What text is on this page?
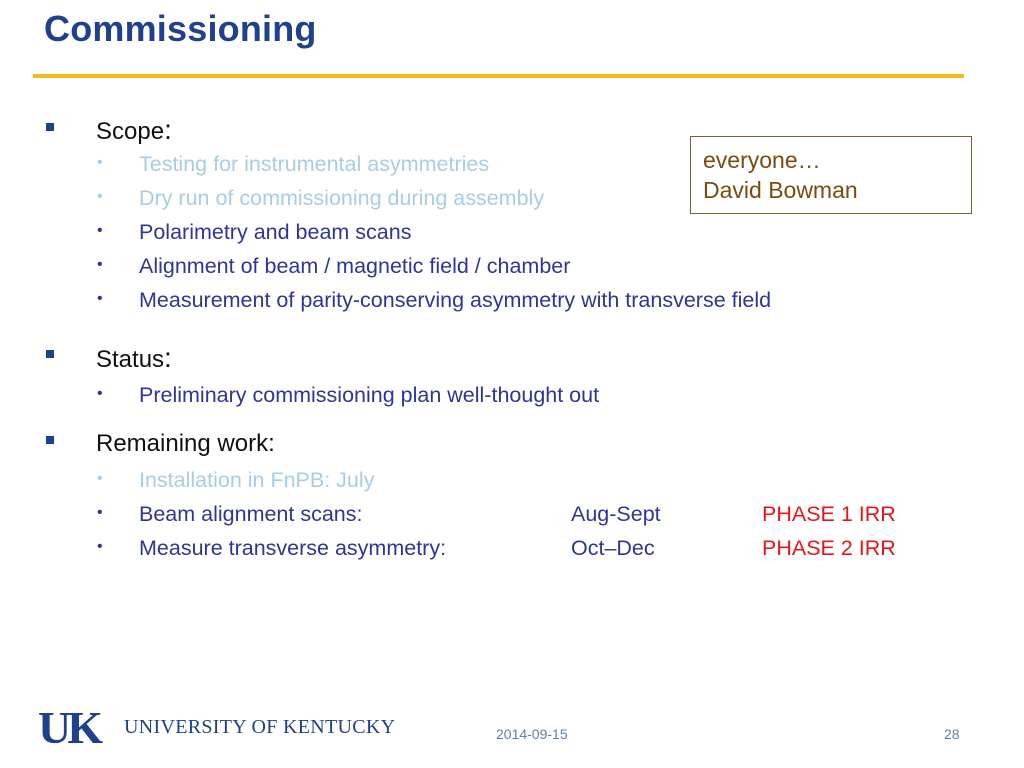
Commissioning
Scope:
• Testing for instrumental asymmetries
• Dry run of commissioning during assembly
• Polarimetry and beam scans
• Alignment of beam / magnetic field / chamber
• Measurement of parity-conserving asymmetry with transverse field
Status:
• Preliminary commissioning plan well-thought out
Remaining work:
• Installation in FnPB: July
• Beam alignment scans:	Aug-Sept	PHASE 1 IRR
• Measure transverse asymmetry:	Oct–Dec	PHASE 2 IRR
everyone…
David Bowman
UK UNIVERSITY OF KENTUCKY	2014-09-15	28
